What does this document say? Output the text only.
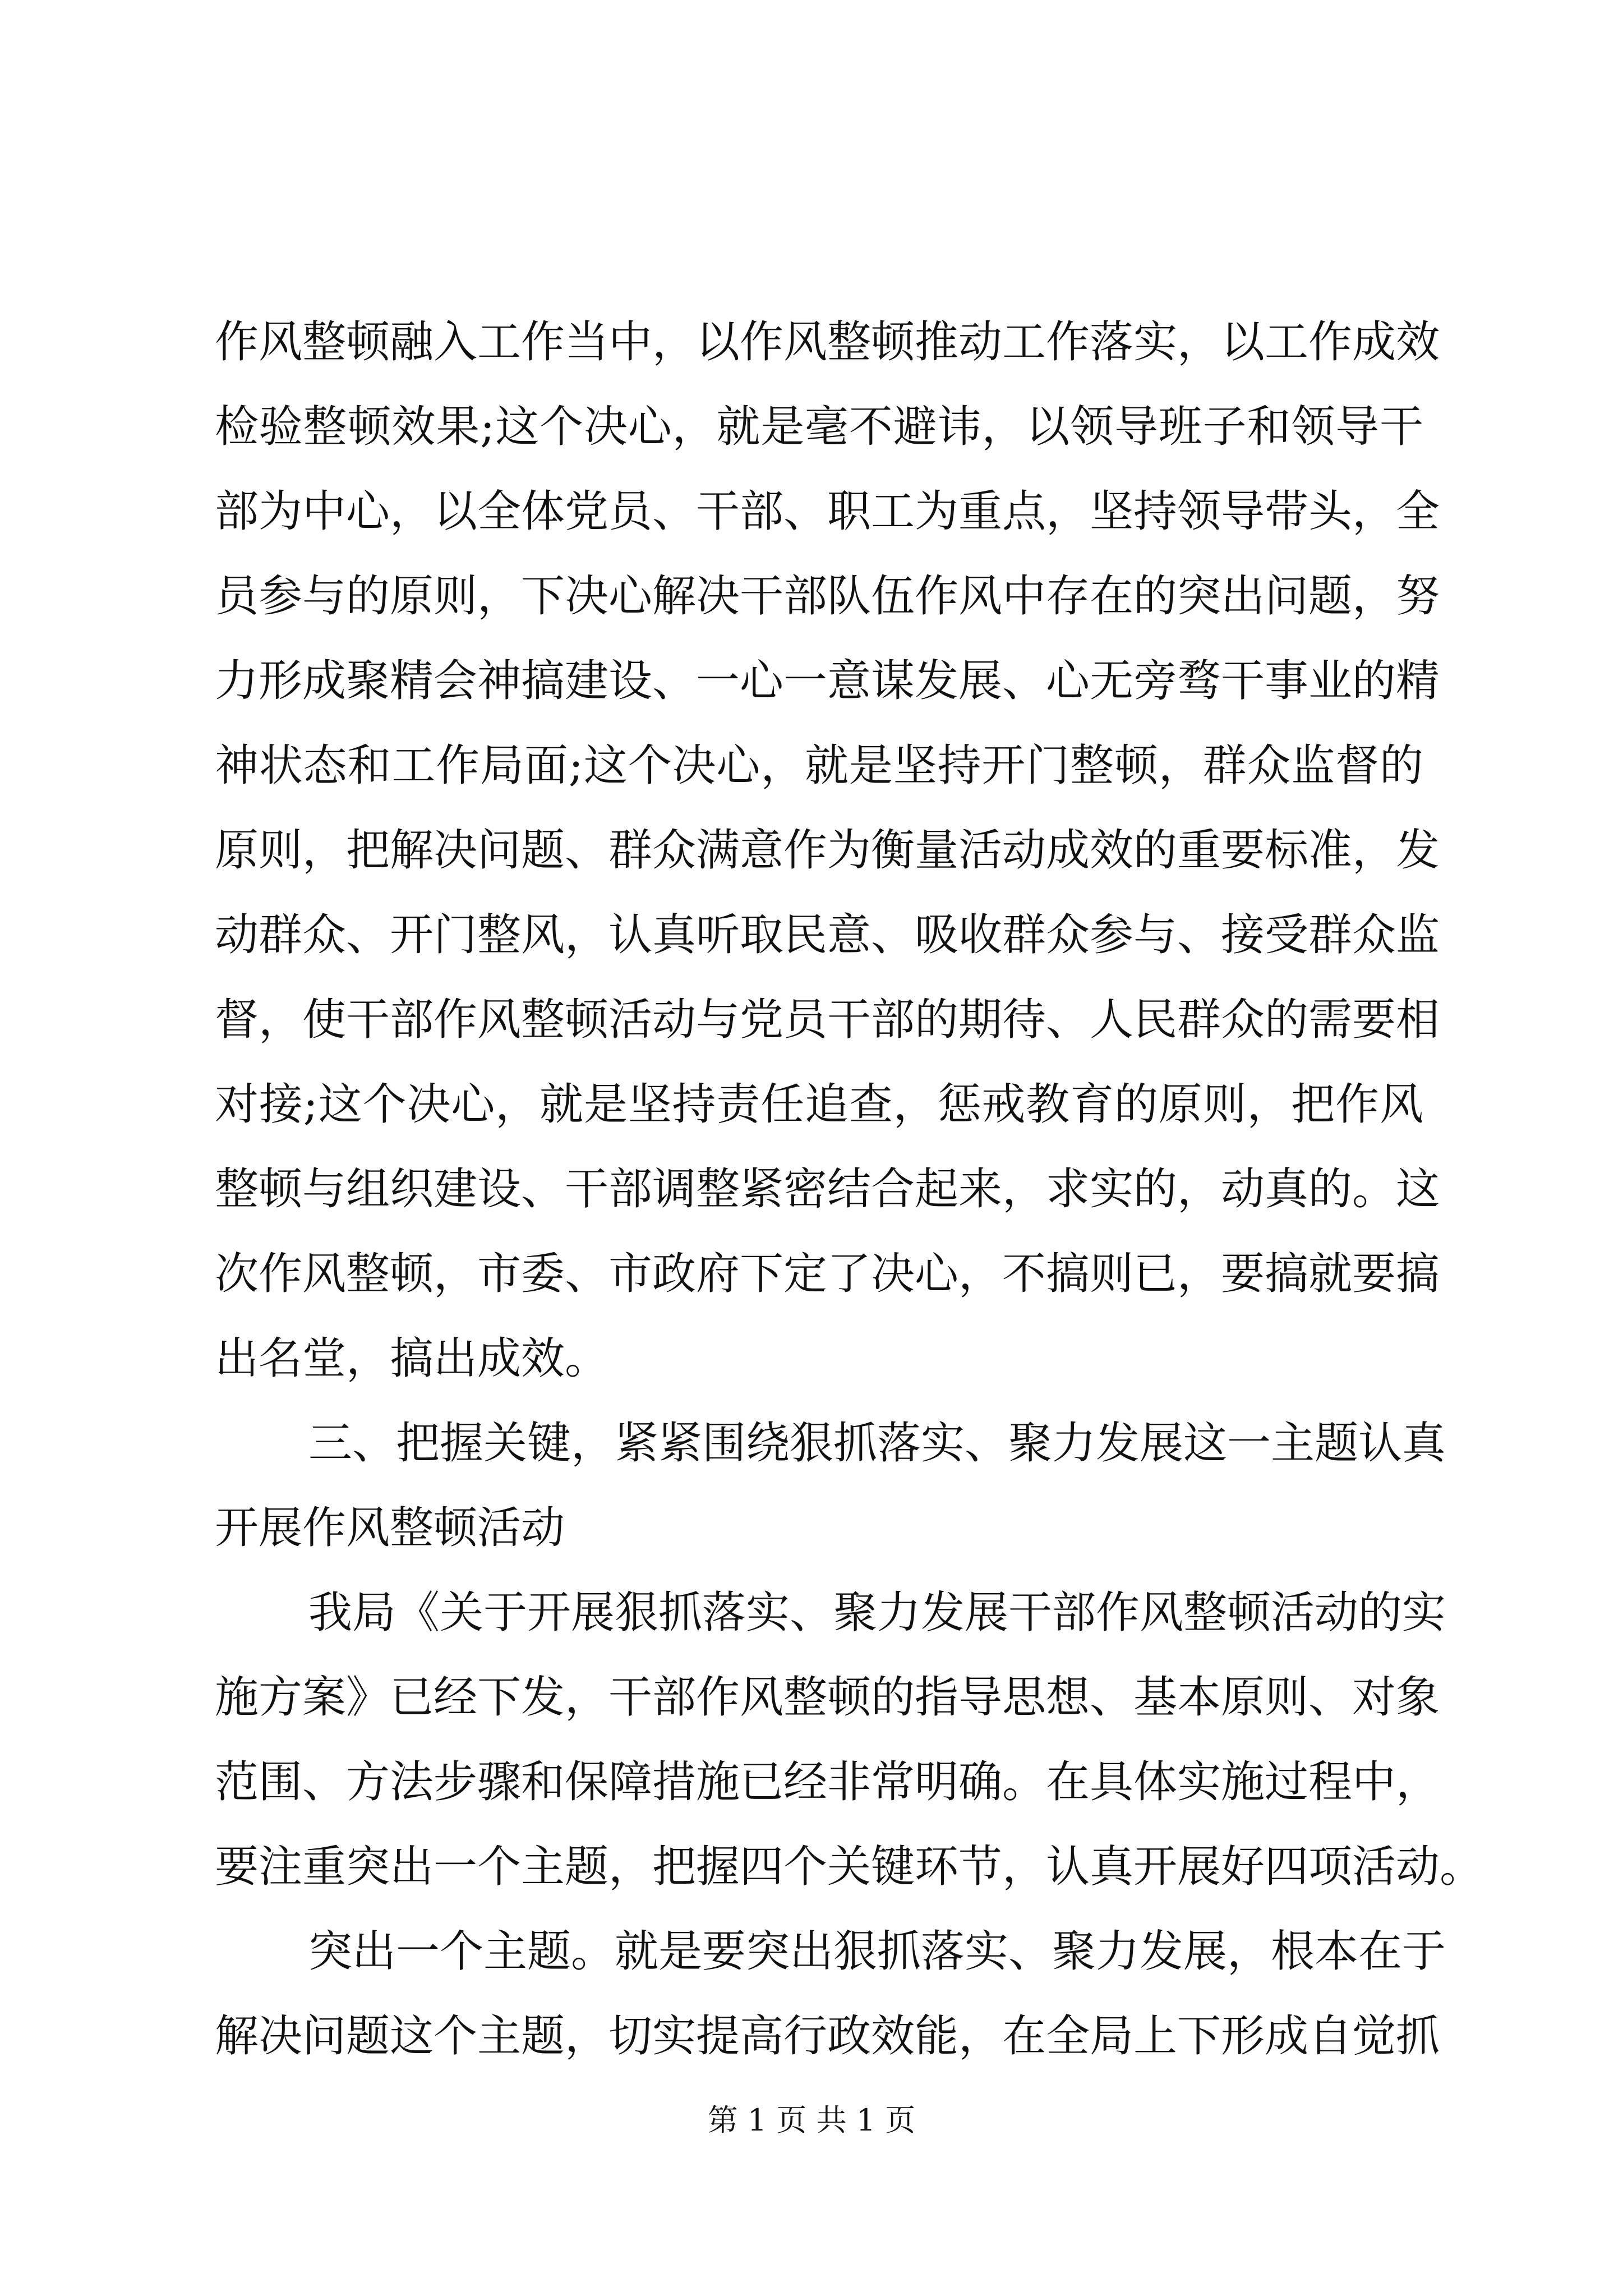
作风整顿融入工作当中，以作风整顿推动工作落实，以工作成效
检验整顿效果;这个决心，就是毫不避讳，以领导班子和领导干
部为中心，以全体党员、干部、职工为重点，坚持领导带头，全
员参与的原则，下决心解决干部队伍作风中存在的突出问题，努
力形成聚精会神搞建设、一心一意谋发展、心无旁骛干事业的精
神状态和工作局面;这个决心，就是坚持开门整顿，群众监督的
原则，把解决问题、群众满意作为衡量活动成效的重要标准，发
动群众、开门整风，认真听取民意、吸收群众参与、接受群众监
督，使干部作风整顿活动与党员干部的期待、人民群众的需要相
对接;这个决心，就是坚持责任追查，惩戒教育的原则，把作风
整顿与组织建设、干部调整紧密结合起来，求实的，动真的。这
次作风整顿，市委、市政府下定了决心，不搞则已，要搞就要搞
出名堂，搞出成效。
三、把握关键，紧紧围绕狠抓落实、聚力发展这一主题认真
开展作风整顿活动
我局《关于开展狠抓落实、聚力发展干部作风整顿活动的实
施方案》已经下发，干部作风整顿的指导思想、基本原则、对象
范围、方法步骤和保障措施已经非常明确。在具体实施过程中，
要注重突出一个主题，把握四个关键环节，认真开展好四项活动。
突出一个主题。就是要突出狠抓落实、聚力发展，根本在于
解决问题这个主题，切实提高行政效能，在全局上下形成自觉抓
第 1 页 共 1 页
